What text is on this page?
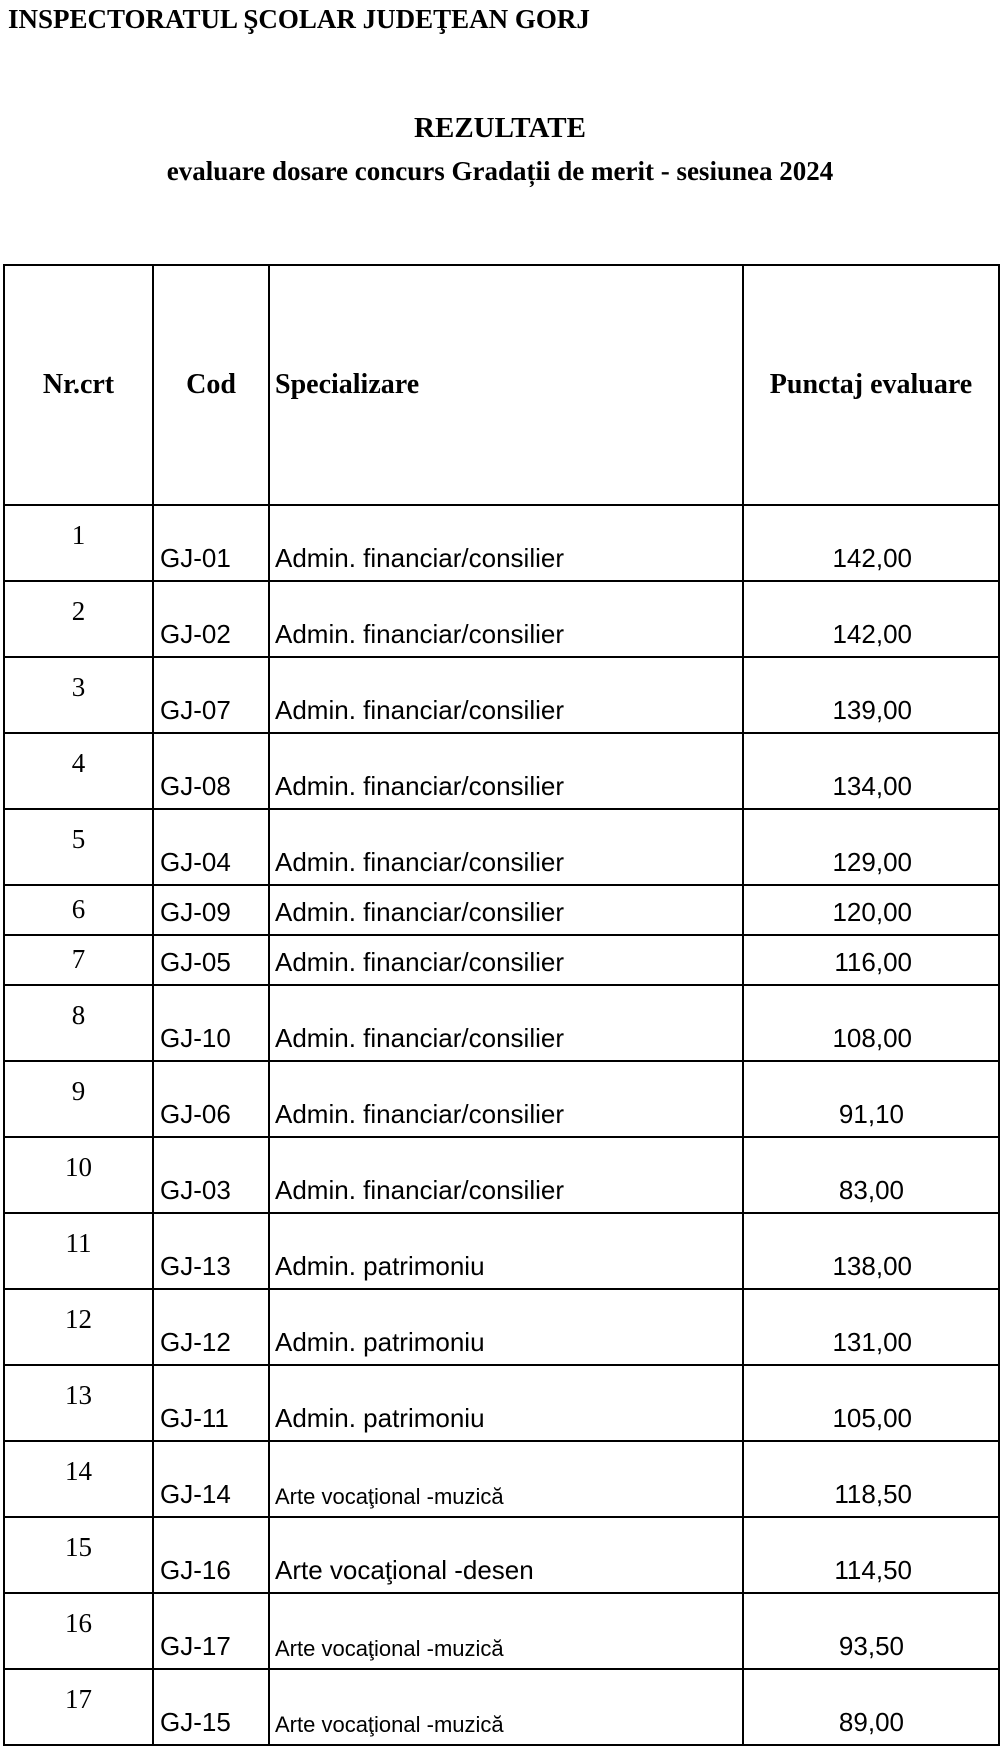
INSPECTORATUL ŞCOLAR JUDEŢEAN GORJ
REZULTATE
evaluare dosare concurs Gradații de merit - sesiunea 2024
Nr.crt	Cod	Specializare	Punctaj evaluare
1	GJ-01	Admin. financiar/consilier	142,00
2	GJ-02	Admin. financiar/consilier	142,00
3	GJ-07	Admin. financiar/consilier	139,00
4	GJ-08	Admin. financiar/consilier	134,00
5	GJ-04	Admin. financiar/consilier	129,00
6	GJ-09	Admin. financiar/consilier	120,00
7	GJ-05	Admin. financiar/consilier	116,00
8	GJ-10	Admin. financiar/consilier	108,00
9	GJ-06	Admin. financiar/consilier	91,10
10	GJ-03	Admin. financiar/consilier	83,00
11	GJ-13	Admin. patrimoniu	138,00
12	GJ-12	Admin. patrimoniu	131,00
13	GJ-11	Admin. patrimoniu	105,00
14	GJ-14	Arte vocaţional -muzică	118,50
15	GJ-16	Arte vocaţional -desen	114,50
16	GJ-17	Arte vocaţional -muzică	93,50
17	GJ-15	Arte vocaţional -muzică	89,00
